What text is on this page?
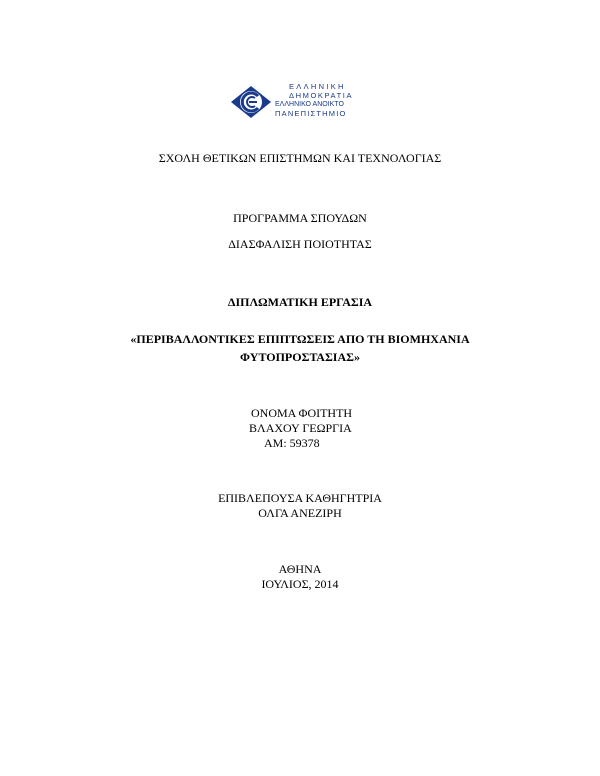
ΕΛΛΗΝΙΚΗ
ΔΗΜΟΚΡΑΤΙΑ
ΕΛΛΗΝΙΚΟ ΑΝΟΙΚΤΟ
ΠΑΝΕΠΙΣΤΗΜΙΟ
ΣΧΟΛΗ ΘΕΤΙΚΩΝ ΕΠΙΣΤΗΜΩΝ ΚΑΙ ΤΕΧΝΟΛΟΓΙΑΣ
ΠΡΟΓΡΑΜΜΑ ΣΠΟΥΔΩΝ
ΔΙΑΣΦΑΛΙΣΗ ΠΟΙΟΤΗΤΑΣ
ΔΙΠΛΩΜΑΤΙΚΗ ΕΡΓΑΣΙΑ
«ΠΕΡΙΒΑΛΛΟΝΤΙΚΕΣ ΕΠΙΠΤΩΣΕΙΣ ΑΠΟ ΤΗ ΒΙΟΜΗΧΑΝΙΑ
ΦΥΤΟΠΡΟΣΤΑΣΙΑΣ»
ΟΝΟΜΑ ΦΟΙΤΗΤΗ
ΒΛΑΧΟΥ ΓΕΩΡΓΙΑ
ΑΜ: 59378
ΕΠΙΒΛΕΠΟΥΣΑ ΚΑΘΗΓΗΤΡΙΑ
ΟΛΓΑ ΑΝΕΖΙΡΗ
ΑΘΗΝΑ
ΙΟΥΛΙΟΣ, 2014
